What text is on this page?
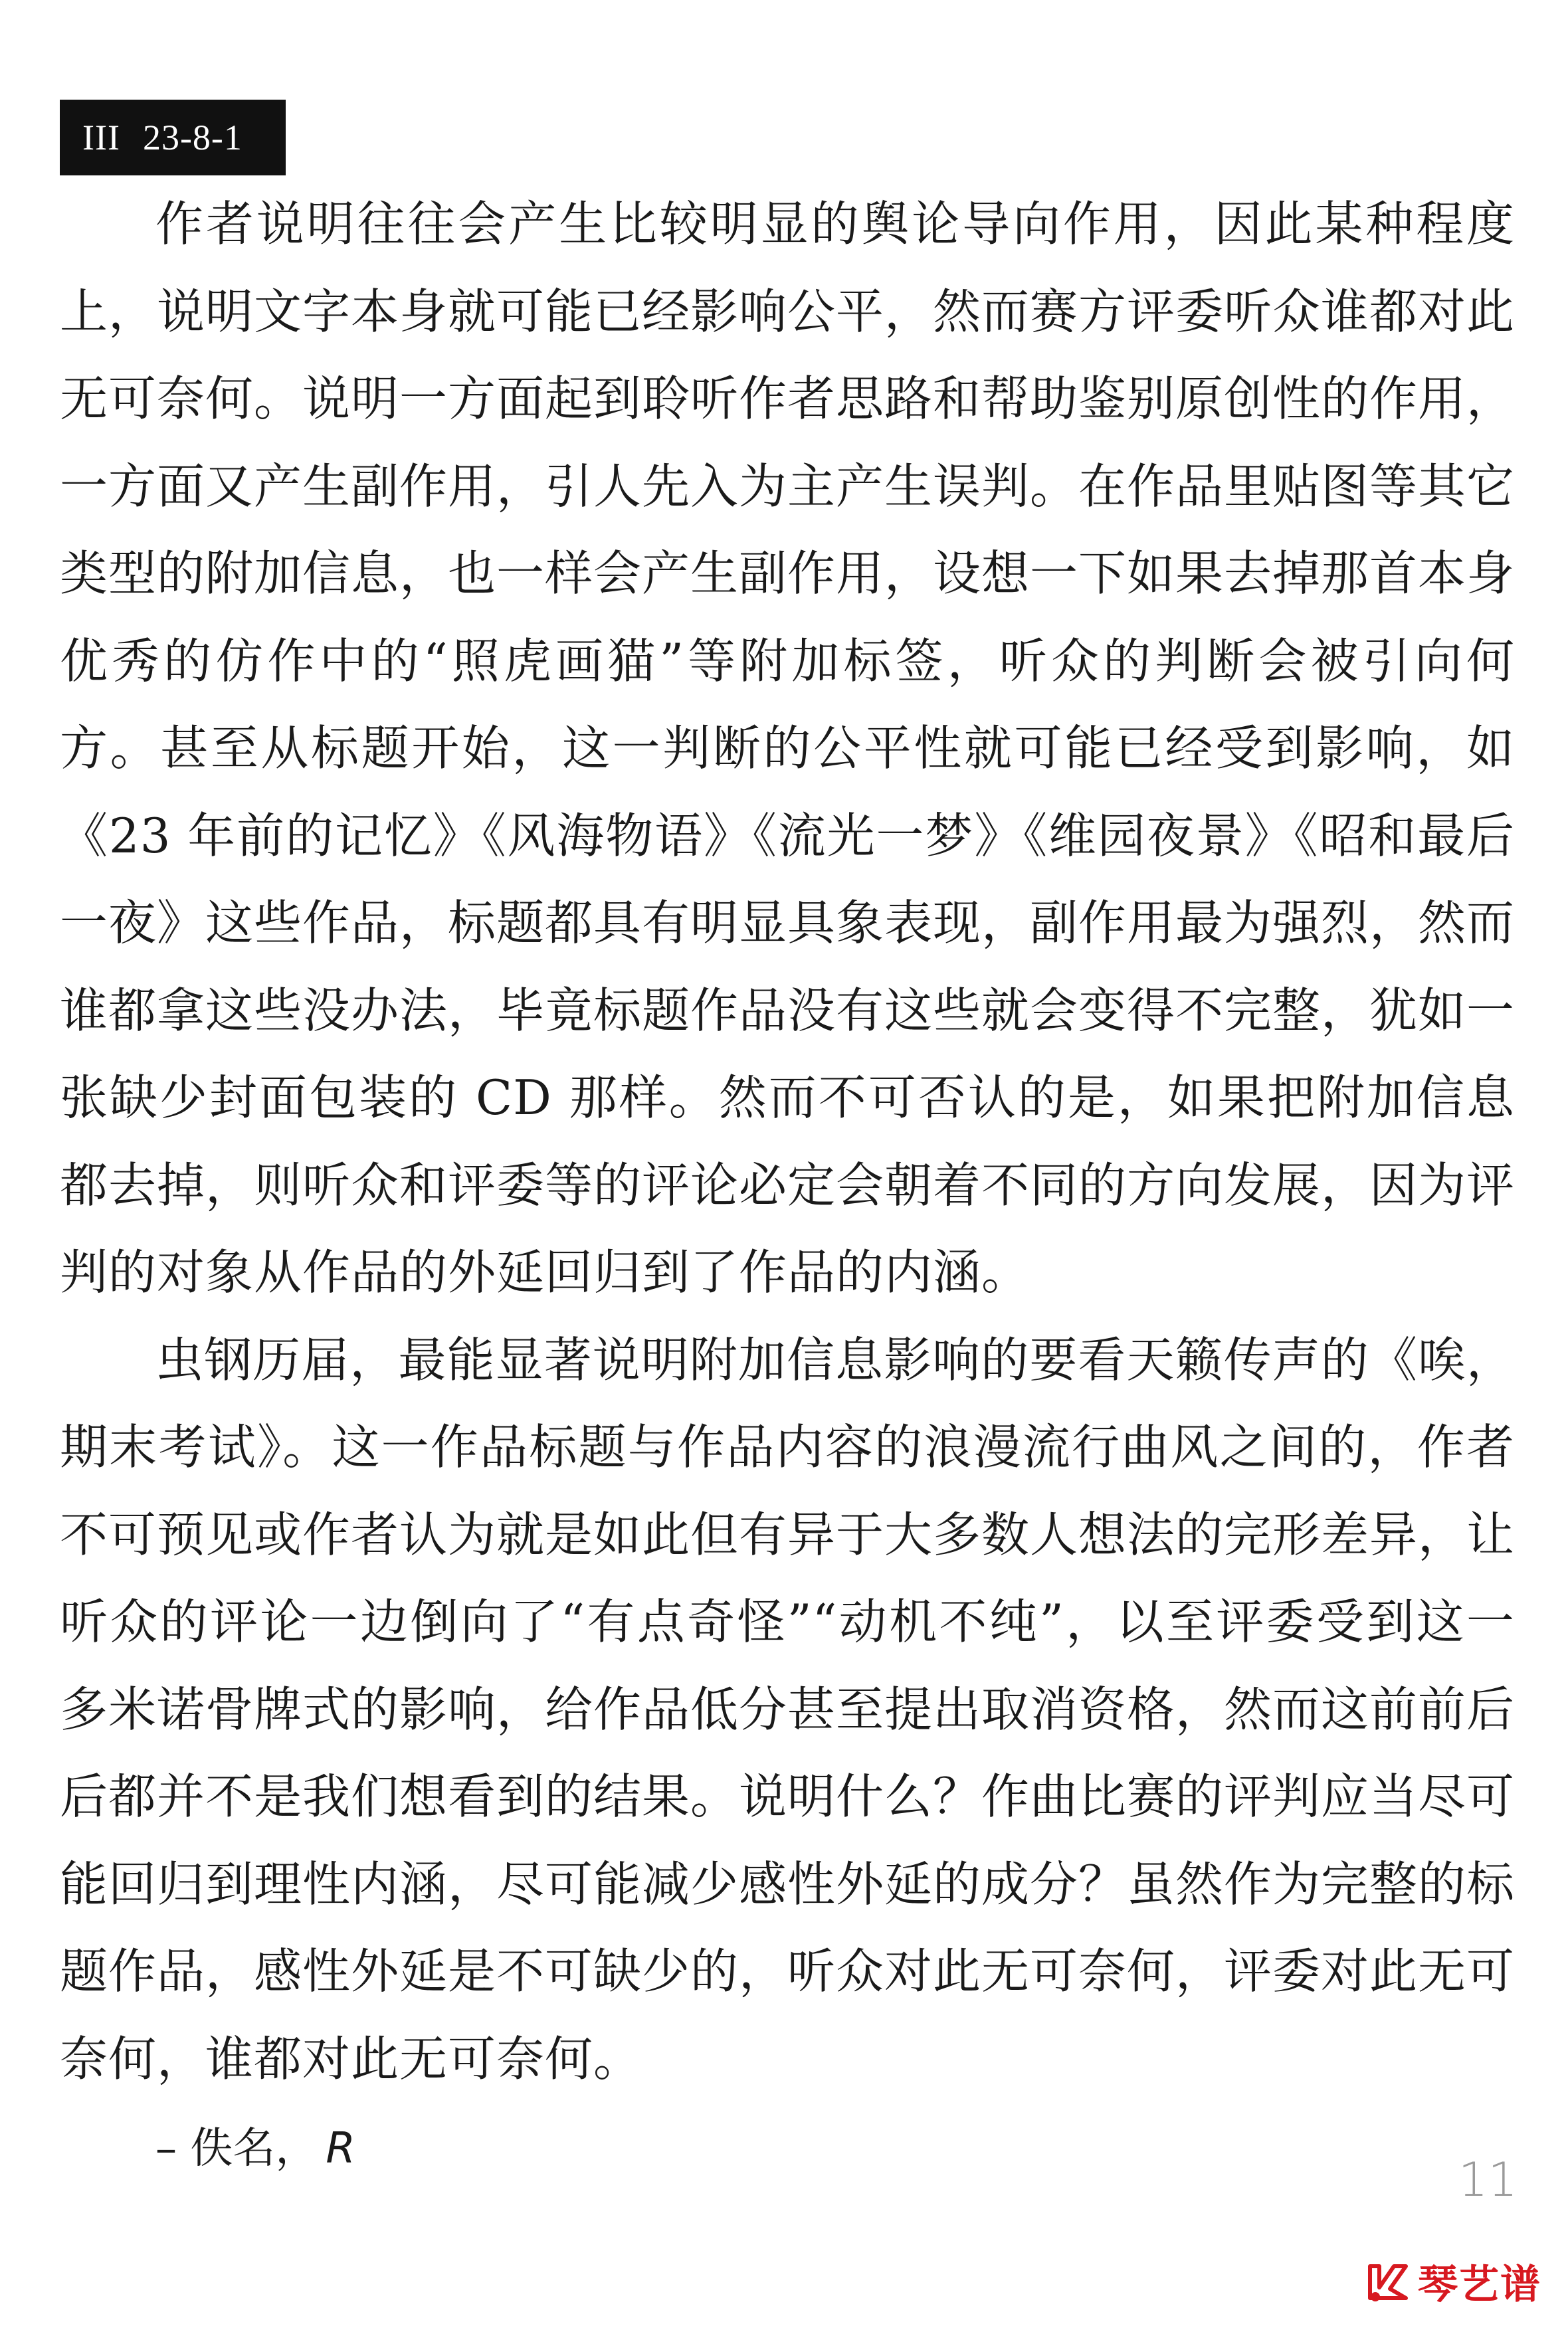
III 23-8-1

作者说明往往会产生比较明显的舆论导向作用，因此某种程度上，说明文字本身就可能已经影响公平，然而赛方评委听众谁都对此无可奈何。说明一方面起到聆听作者思路和帮助鉴别原创性的作用，一方面又产生副作用，引人先入为主产生误判。在作品里贴图等其它类型的附加信息，也一样会产生副作用，设想一下如果去掉那首本身优秀的仿作中的“照虎画猫”等附加标签，听众的判断会被引向何方。甚至从标题开始，这一判断的公平性就可能已经受到影响，如《23 年前的记忆》《风海物语》《流光一梦》《维园夜景》《昭和最后一夜》这些作品，标题都具有明显具象表现，副作用最为强烈，然而谁都拿这些没办法，毕竟标题作品没有这些就会变得不完整，犹如一张缺少封面包装的 CD 那样。然而不可否认的是，如果把附加信息都去掉，则听众和评委等的评论必定会朝着不同的方向发展，因为评判的对象从作品的外延回归到了作品的内涵。

虫钢历届，最能显著说明附加信息影响的要看天籁传声的《唉，期末考试》。这一作品标题与作品内容的浪漫流行曲风之间的，作者不可预见或作者认为就是如此但有异于大多数人想法的完形差异，让听众的评论一边倒向了“有点奇怪”“动机不纯”，以至评委受到这一多米诺骨牌式的影响，给作品低分甚至提出取消资格，然而这前前后后都并不是我们想看到的结果。说明什么？作曲比赛的评判应当尽可能回归到理性内涵，尽可能减少感性外延的成分？虽然作为完整的标题作品，感性外延是不可缺少的，听众对此无可奈何，评委对此无可奈何，谁都对此无可奈何。

– 佚名， R

11
琴艺谱
